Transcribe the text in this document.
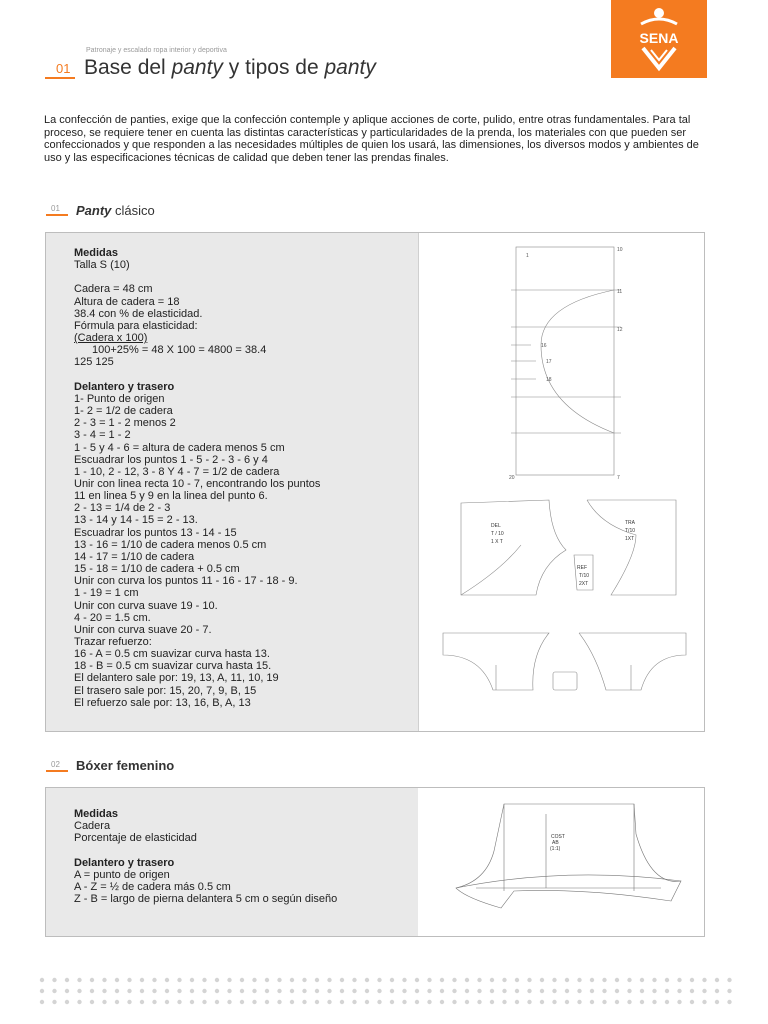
SENA
Patronaje y escalado ropa interior y deportiva
01 Base del panty y tipos de panty
La confección de panties, exige que la confección contemple y aplique acciones de corte, pulido, entre otras fundamentales. Para tal proceso, se requiere tener en cuenta las distintas características y particularidades de la prenda, los materiales con que pueden ser confeccionados y que responden a las necesidades múltiples de quien los usará, las dimensiones, los diversos modos y ambientes de uso y las especificaciones técnicas de calidad que deben tener las prendas finales.
01 Panty clásico
Medidas
Talla S (10)

Cadera = 48 cm
Altura de cadera = 18
38.4 con % de elasticidad.
Fórmula para elasticidad:
(Cadera x 100)
100+25% = 48 X 100 = 4800 = 38.4
125 125

Delantero y trasero
1- Punto de origen
1- 2 = 1/2 de cadera
2 - 3 = 1 - 2 menos 2
3 - 4 = 1 - 2
1 - 5 y 4 - 6 = altura de cadera menos 5 cm
Escuadrar los puntos 1 - 5 - 2 - 3 - 6 y 4
1 - 10, 2 - 12, 3 - 8 Y 4 - 7 = 1/2 de cadera
Unir con linea recta 10 - 7, encontrando los puntos
11 en linea 5 y 9 en la linea del punto 6.
2 - 13 = 1/4 de 2 - 3
13 - 14 y 14 - 15 = 2 - 13.
Escuadrar los puntos 13 - 14 - 15
13 - 16 = 1/10 de cadera menos 0.5 cm
14 - 17 = 1/10 de cadera
15 - 18 = 1/10 de cadera + 0.5 cm
Unir con curva los puntos 11 - 16 - 17 - 18 - 9.
1 - 19 = 1 cm
Unir con curva suave 19 - 10.
4 - 20 = 1.5 cm.
Unir con curva suave 20 - 7.
Trazar refuerzo:
16 - A = 0.5 cm suavizar curva hasta 13.
18 - B = 0.5 cm suavizar curva hasta 15.
El delantero sale por: 19, 13, A, 11, 10, 19
El trasero sale por: 15, 20, 7, 9, B, 15
El refuerzo sale por: 13, 16, B, A, 13
1
10
11
12
7
20
16
17
18
DEL
T / 10
1 X T
TRA
T/10
1XT
REF
T/10
2XT
02 Bóxer femenino
Medidas
Cadera
Porcentaje de elasticidad

Delantero y trasero
A = punto de origen
A - Z = ½ de cadera más 0.5 cm
Z - B = largo de pierna delantera 5 cm o según diseño
COST
AB
(1:1)
